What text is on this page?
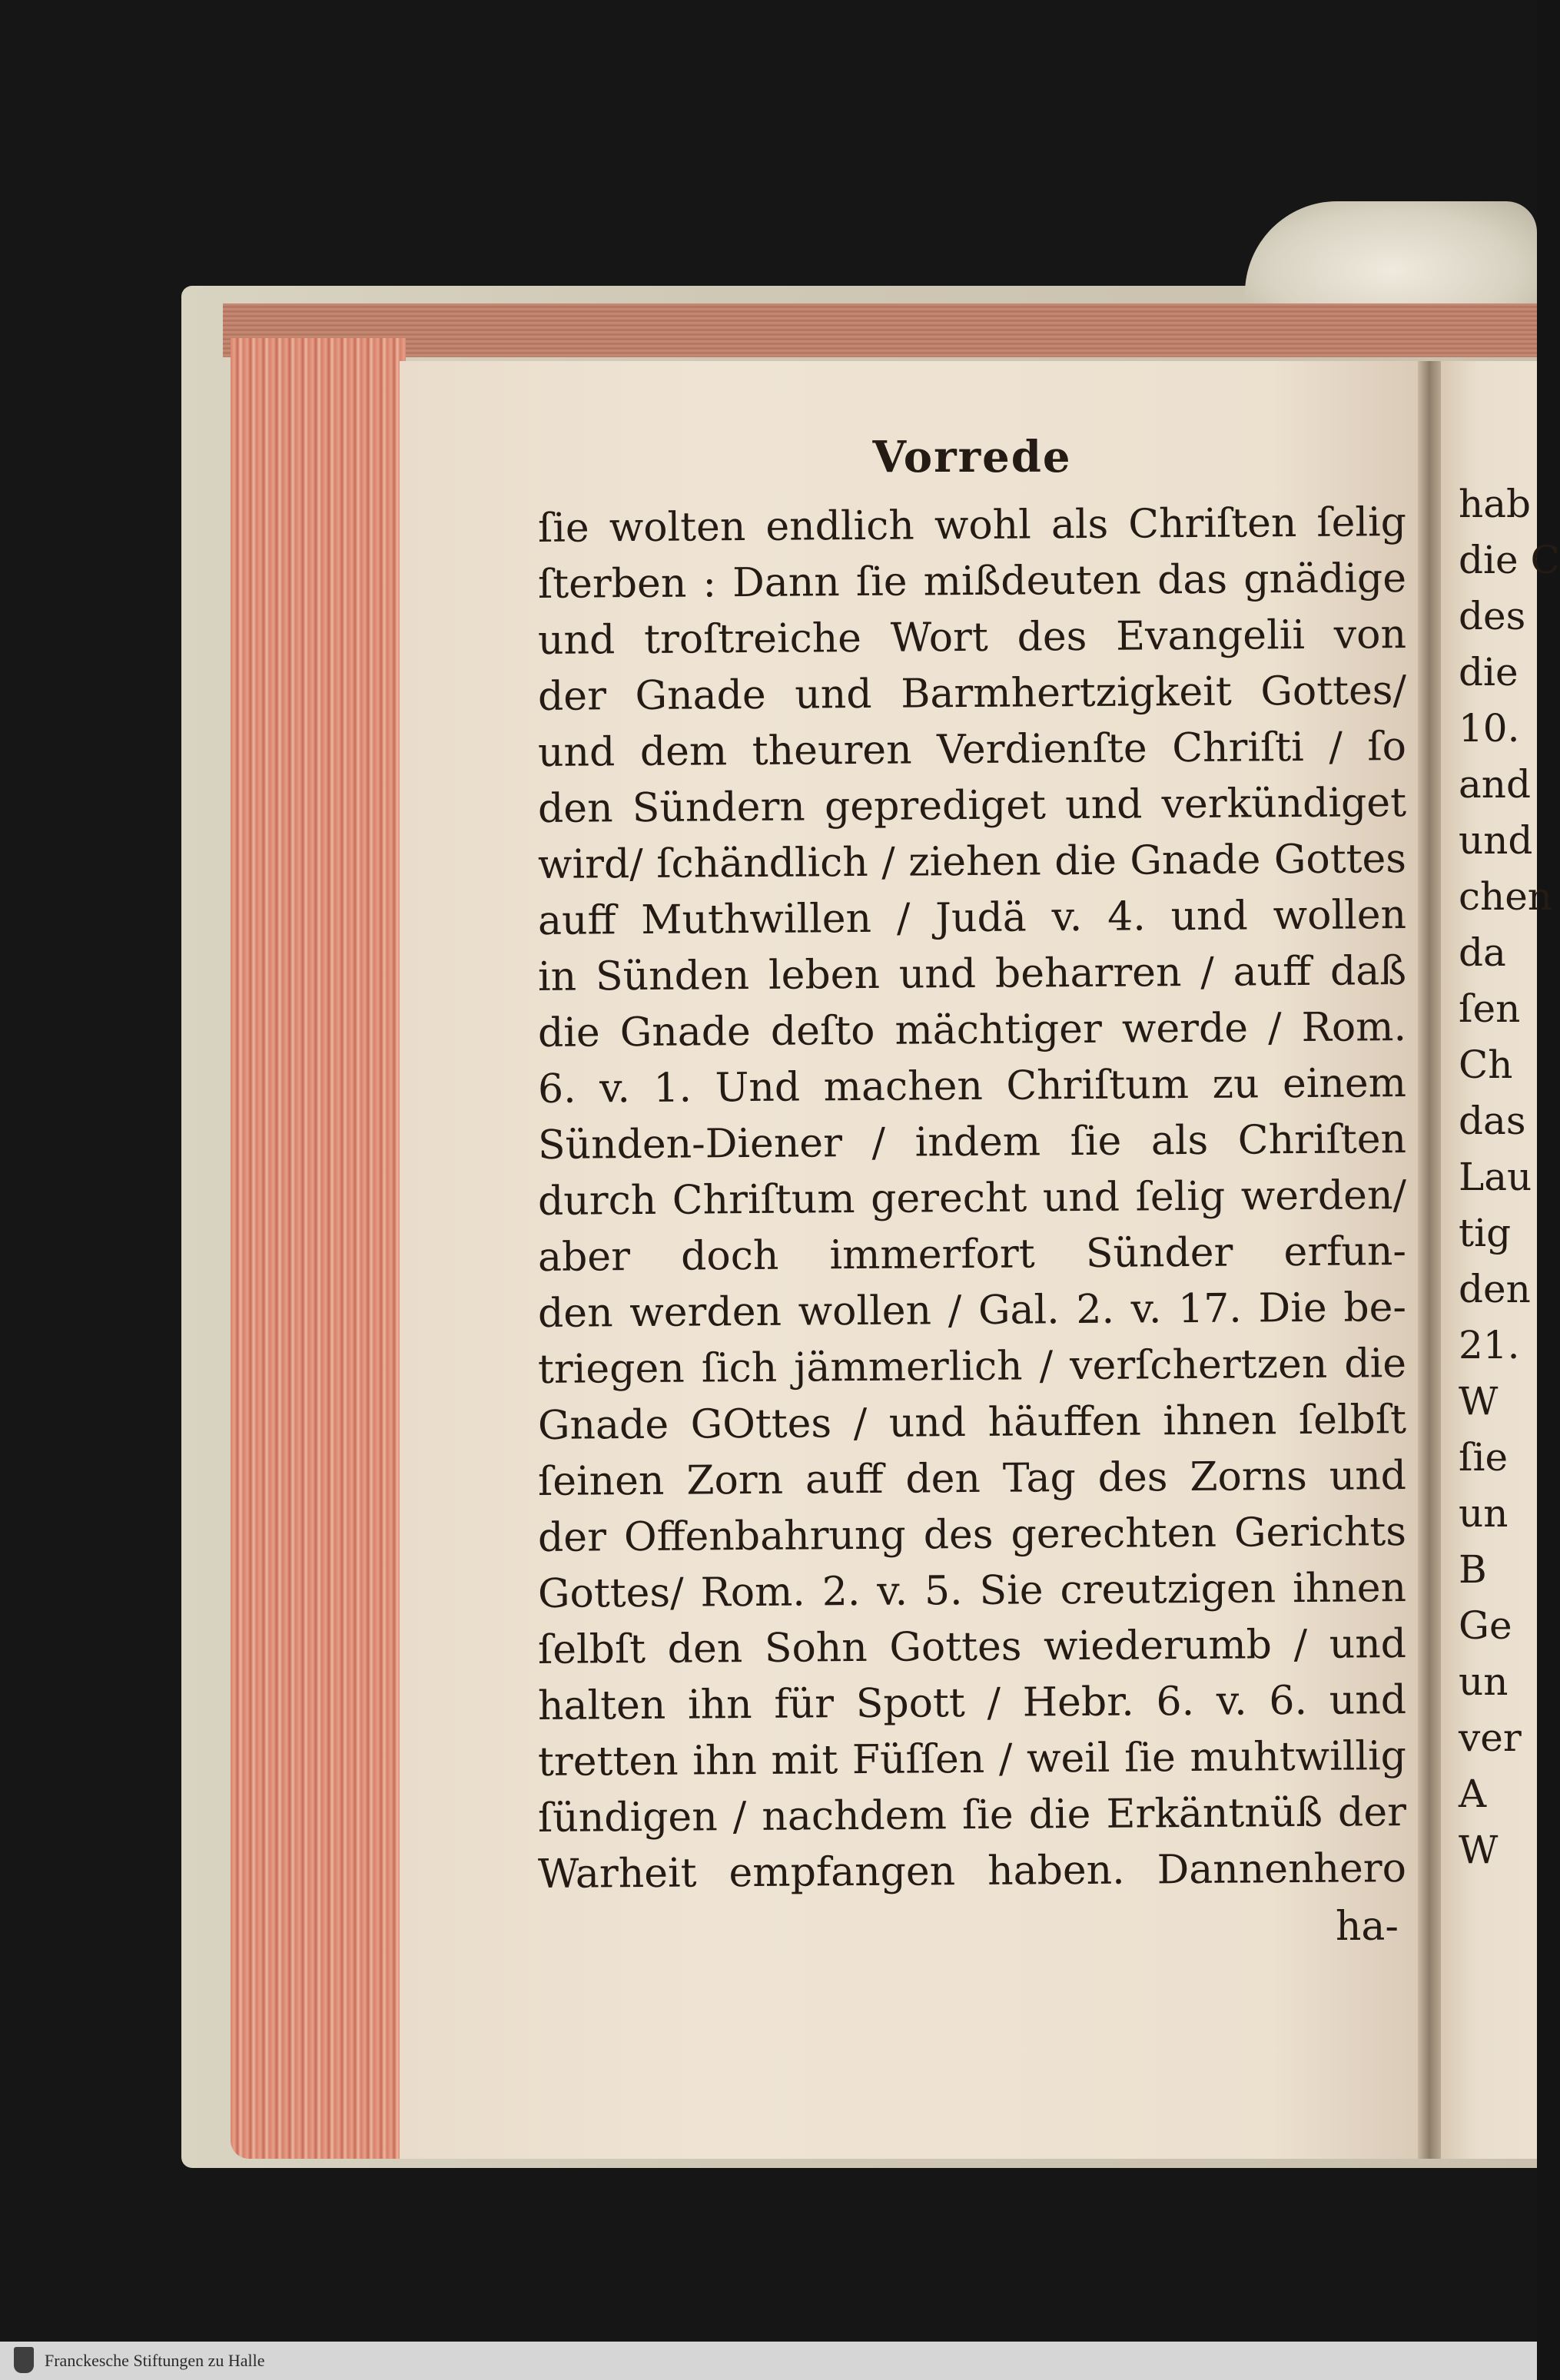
Vorrede
ſie wolten endlich wohl als Chriſten ſelig
ſterben : Dann ſie mißdeuten das gnädige
und troſtreiche Wort des Evangelii von
der Gnade und Barmhertzigkeit Gottes/
und dem theuren Verdienſte Chriſti / ſo
den Sündern geprediget und verkündiget
wird/ ſchändlich / ziehen die Gnade Gottes
auff Muthwillen / Judä v. 4. und wollen
in Sünden leben und beharren / auff daß
die Gnade deſto mächtiger werde / Rom.
6. v. 1. Und machen Chriſtum zu einem
Sünden-Diener / indem ſie als Chriſten
durch Chriſtum gerecht und ſelig werden/
aber doch immerfort Sünder erfun-
den werden wollen / Gal. 2. v. 17. Die be-
triegen ſich jämmerlich / verſchertzen die
Gnade GOttes / und häuffen ihnen ſelbſt
ſeinen Zorn auff den Tag des Zorns und
der Offenbahrung des gerechten Gerichts
Gottes/ Rom. 2. v. 5. Sie creutzigen ihnen
ſelbſt den Sohn Gottes wiederumb / und
halten ihn für Spott / Hebr. 6. v. 6. und
tretten ihn mit Füſſen / weil ſie muhtwillig
ſündigen / nachdem ſie die Erkäntnüß der
Warheit empfangen haben. Dannenhero
ha-
hab
die C
des
die
10.
and
und
chen
da
ſen
Ch
das
Lau
tig
den
21.
W
ſie
un
B
Ge
un
ver
A
W
Franckesche Stiftungen zu Halle
